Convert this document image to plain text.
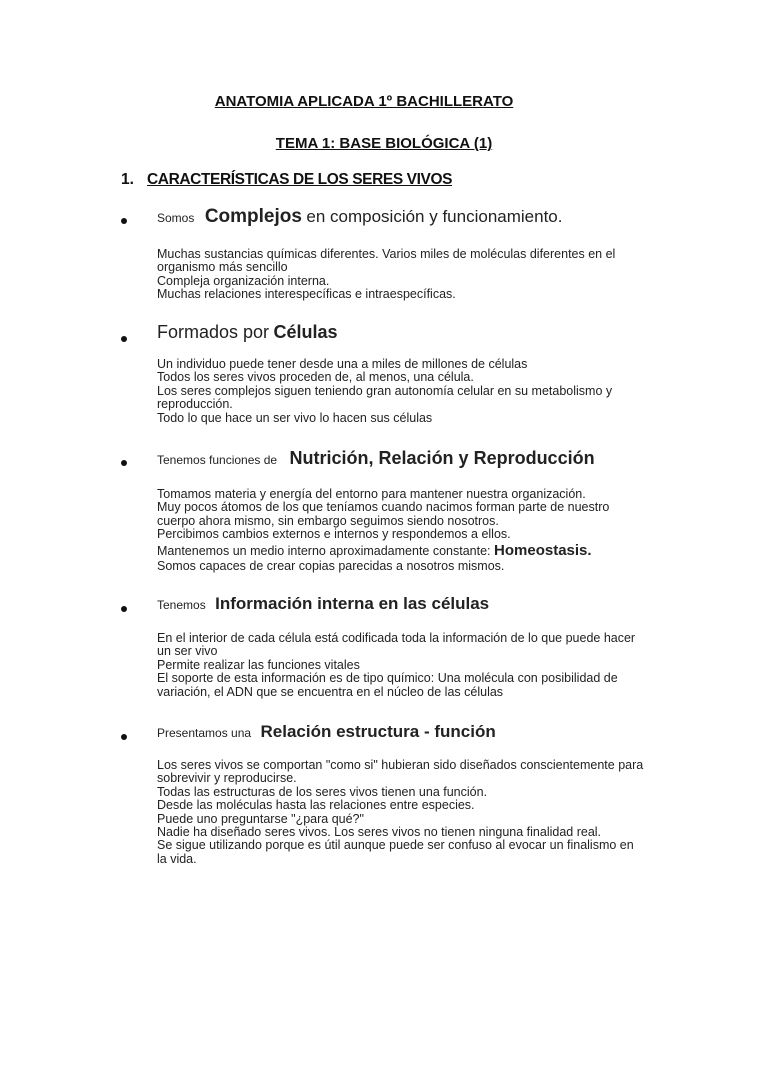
ANATOMIA APLICADA 1º BACHILLERATO
TEMA 1: BASE BIOLÓGICA (1)
1. CARACTERÍSTICAS DE LOS SERES VIVOS
Somos Complejos en composición y funcionamiento.
Muchas sustancias químicas diferentes. Varios miles de moléculas diferentes en el
organismo más sencillo
Compleja organización interna.
Muchas relaciones interespecíficas e intraespecíficas.
Formados por Células
Un individuo puede tener desde una a miles de millones de células
Todos los seres vivos proceden de, al menos, una célula.
Los seres complejos siguen teniendo gran autonomía celular en su metabolismo y
reproducción.
Todo lo que hace un ser vivo lo hacen sus células
Tenemos funciones de Nutrición, Relación y Reproducción
Tomamos materia y energía del entorno para mantener nuestra organización.
Muy pocos átomos de los que teníamos cuando nacimos forman parte de nuestro
cuerpo ahora mismo, sin embargo seguimos siendo nosotros.
Percibimos cambios externos e internos y respondemos a ellos.
Mantenemos un medio interno aproximadamente constante: Homeostasis.
Somos capaces de crear copias parecidas a nosotros mismos.
Tenemos Información interna en las células
En el interior de cada célula está codificada toda la información de lo que puede hacer
un ser vivo
Permite realizar las funciones vitales
El soporte de esta información es de tipo químico: Una molécula con posibilidad de
variación, el ADN que se encuentra en el núcleo de las células
Presentamos una Relación estructura - función
Los seres vivos se comportan "como si" hubieran sido diseñados conscientemente para
sobrevivir y reproducirse.
Todas las estructuras de los seres vivos tienen una función.
Desde las moléculas hasta las relaciones entre especies.
Puede uno preguntarse "¿para qué?"
Nadie ha diseñado seres vivos. Los seres vivos no tienen ninguna finalidad real.
Se sigue utilizando porque es útil aunque puede ser confuso al evocar un finalismo en
la vida.
